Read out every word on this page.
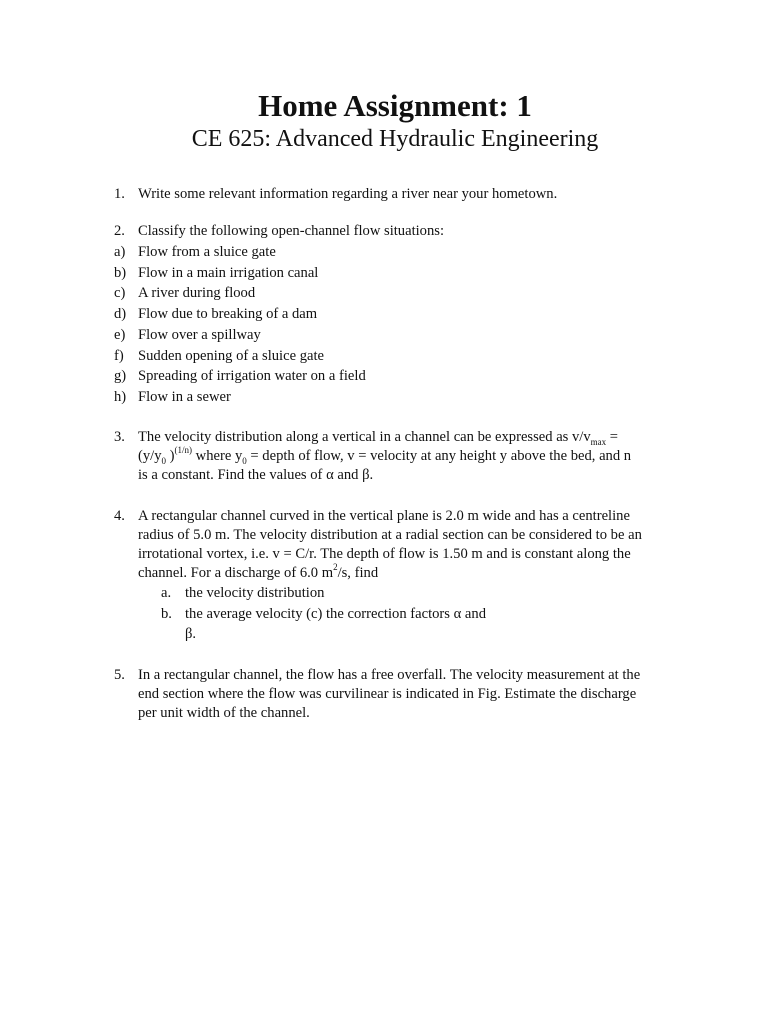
Home Assignment: 1
CE 625: Advanced Hydraulic Engineering
1. Write some relevant information regarding a river near your hometown.
2. Classify the following open-channel flow situations:
a) Flow from a sluice gate
b) Flow in a main irrigation canal
c) A river during flood
d) Flow due to breaking of a dam
e) Flow over a spillway
f) Sudden opening of a sluice gate
g) Spreading of irrigation water on a field
h) Flow in a sewer
3. The velocity distribution along a vertical in a channel can be expressed as $v/v_{max}$ =
($y/y_0$ )$^{(1/n)}$ where $y_0$ = depth of flow, v = velocity at any height y above the bed, and n
is a constant. Find the values of α and β.
4. A rectangular channel curved in the vertical plane is 2.0 m wide and has a centreline
radius of 5.0 m. The velocity distribution at a radial section can be considered to be an
irrotational vortex, i.e. v = C/r. The depth of flow is 1.50 m and is constant along the
channel. For a discharge of 6.0 $m^2/s$, find
a. the velocity distribution
b. the average velocity (c) the correction factors α and
β.
5. In a rectangular channel, the flow has a free overfall. The velocity measurement at the
end section where the flow was curvilinear is indicated in Fig. Estimate the discharge
per unit width of the channel.
